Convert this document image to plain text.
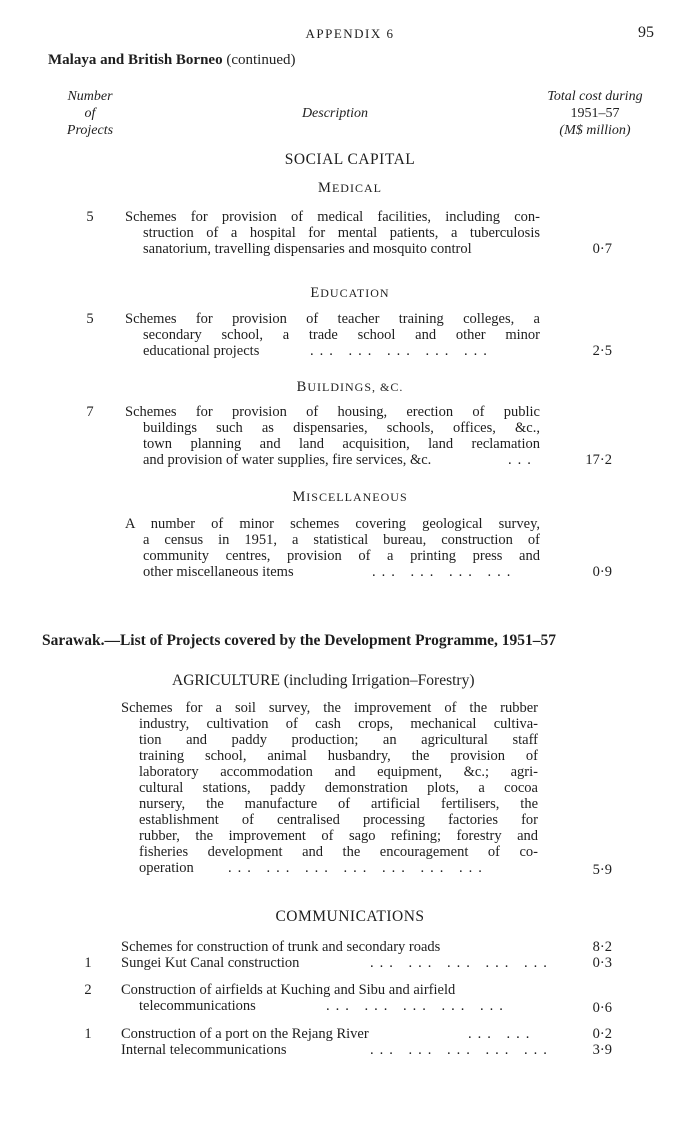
APPENDIX 6	95
Malaya and British Borneo (continued)
Number
of
Projects
Description
Total cost during
1951–57
(M$ million)
SOCIAL CAPITAL
MEDICAL
5	Schemes for provision of medical facilities, including con-
struction of a hospital for mental patients, a tuberculosis
sanatorium, travelling dispensaries and mosquito control	0·7
EDUCATION
5	Schemes for provision of teacher training colleges, a
secondary school, a trade school and other minor
educational projects	... ... ... ... ...	2·5
BUILDINGS, &C.
7	Schemes for provision of housing, erection of public
buildings such as dispensaries, schools, offices, &c.,
town planning and land acquisition, land reclamation
and provision of water supplies, fire services, &c.	...	17·2
MISCELLANEOUS
A number of minor schemes covering geological survey,
a census in 1951, a statistical bureau, construction of
community centres, provision of a printing press and
other miscellaneous items	... ... ... ...	0·9
Sarawak.—List of Projects covered by the Development Programme, 1951–57
AGRICULTURE (including Irrigation–Forestry)
Schemes for a soil survey, the improvement of the rubber
industry, cultivation of cash crops, mechanical cultiva-
tion and paddy production; an agricultural staff
training school, animal husbandry, the provision of
laboratory accommodation and equipment, &c.; agri-
cultural stations, paddy demonstration plots, a cocoa
nursery, the manufacture of artificial fertilisers, the
establishment of centralised processing factories for
rubber, the improvement of sago refining; forestry and
fisheries development and the encouragement of co-
operation ... ... ... ... ... ... ...	5·9
COMMUNICATIONS
Schemes for construction of trunk and secondary roads	8·2
1	Sungei Kut Canal construction	... ... ... ... ...	0·3
2	Construction of airfields at Kuching and Sibu and airfield
telecommunications	... ... ... ... ...	0·6
1	Construction of a port on the Rejang River	... ...	0·2
Internal telecommunications	... ... ... ... ...	3·9
